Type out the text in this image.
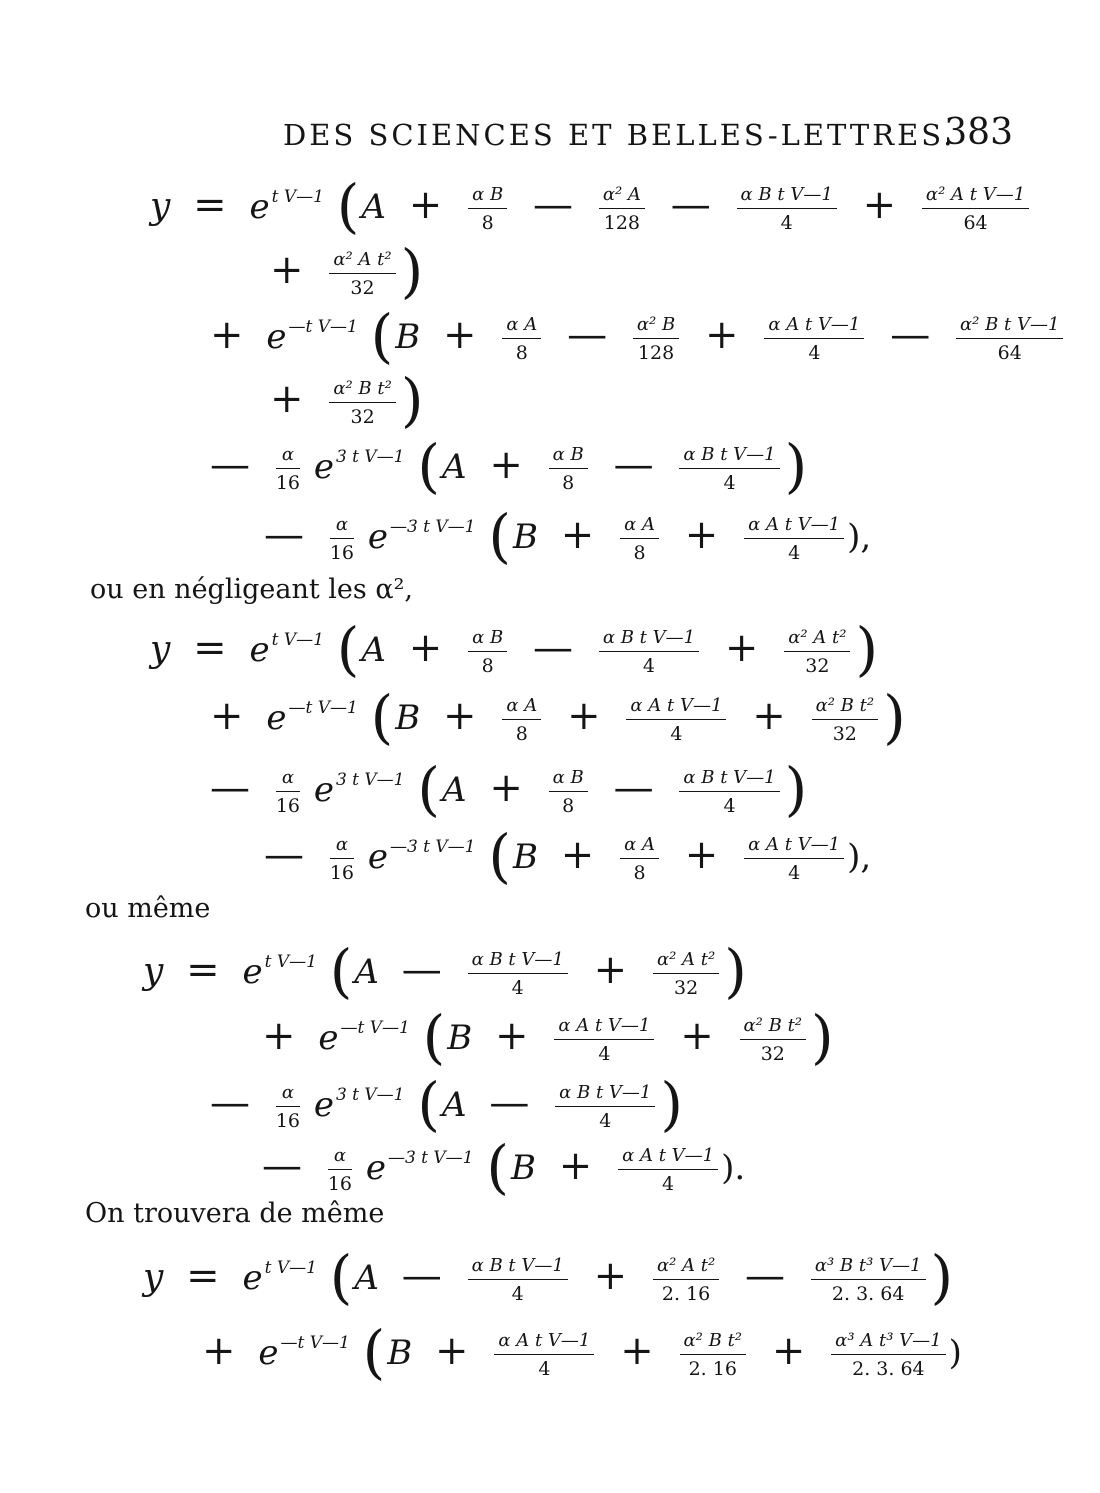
DES SCIENCES ET BELLES-LETTRES.
383
y = e $^{t V—1}$ ($A + \frac{\text{α B}}{8}$ — $\frac{\text{α² A}}{128}$ — $\frac{\text{α B t V—1}}{4} + \frac{\text{α² A t V—1}}{64}$
+ $\frac{\text{α² A t²}}{32}$ )
+ e $^{—t V—1}$ ($B + \frac{\text{α A}}{8}$ — $\frac{\text{α² B}}{128} + \frac{\text{α A t V—1}}{4}$ — $\frac{\text{α² B t V—1}}{64}$
+ $\frac{\text{α² B t²}}{32}$ )
— $\frac{\alpha}{16}$ e $^{3 t V—1}$ ($A + \frac{\text{α B}}{8}$ — $\frac{\text{α B t V—1}}{4}$ )
— $\frac{\alpha}{16}$ e $^{—3 t V—1}$ ($B + \frac{\text{α A}}{8} + \frac{\text{α A t V—1}}{4}$ ),
ou en négligeant les α²,
y = e $^{t V—1}$ ($A + \frac{\text{α B}}{8}$ — $\frac{\text{α B t V—1}}{4} + \frac{\text{α² A t²}}{32}$ )
+ e $^{—t V—1}$ ($B + \frac{\text{α A}}{8} + \frac{\text{α A t V—1}}{4} + \frac{\text{α² B t²}}{32}$ )
— $\frac{\alpha}{16}$ e $^{3 t V—1}$ ($A + \frac{\text{α B}}{8}$ — $\frac{\text{α B t V—1}}{4}$ )
— $\frac{\alpha}{16}$ e $^{—3 t V—1}$ ($B + \frac{\text{α A}}{8} + \frac{\text{α A t V—1}}{4}$ ),
ou même
y = e $^{t V—1}$ (A — $\frac{\text{α B t V—1}}{4} + \frac{\text{α² A t²}}{32}$ )
+ e $^{—t V—1}$ ($B + \frac{\text{α A t V—1}}{4} + \frac{\text{α² B t²}}{32}$ )
— $\frac{\alpha}{16}$ e $^{3 t V—1}$ (A — $\frac{\text{α B t V—1}}{4}$ )
— $\frac{\alpha}{16}$ e $^{—3 t V—1}$ ($B + \frac{\text{α A t V—1}}{4}$ ).
On trouvera de même
y = e $^{t V—1}$ (A — $\frac{\text{α B t V—1}}{4} + \frac{\text{α² A t²}}{2. 16}$ — $\frac{\text{α³ B t³ V—1}}{2. 3. 64}$ )
+ e $^{—t V—1}$ ($B + \frac{\text{α A t V—1}}{4} + \frac{\text{α² B t²}}{2. 16} + \frac{\text{α³ A t³ V—1}}{2. 3. 64}$ )
